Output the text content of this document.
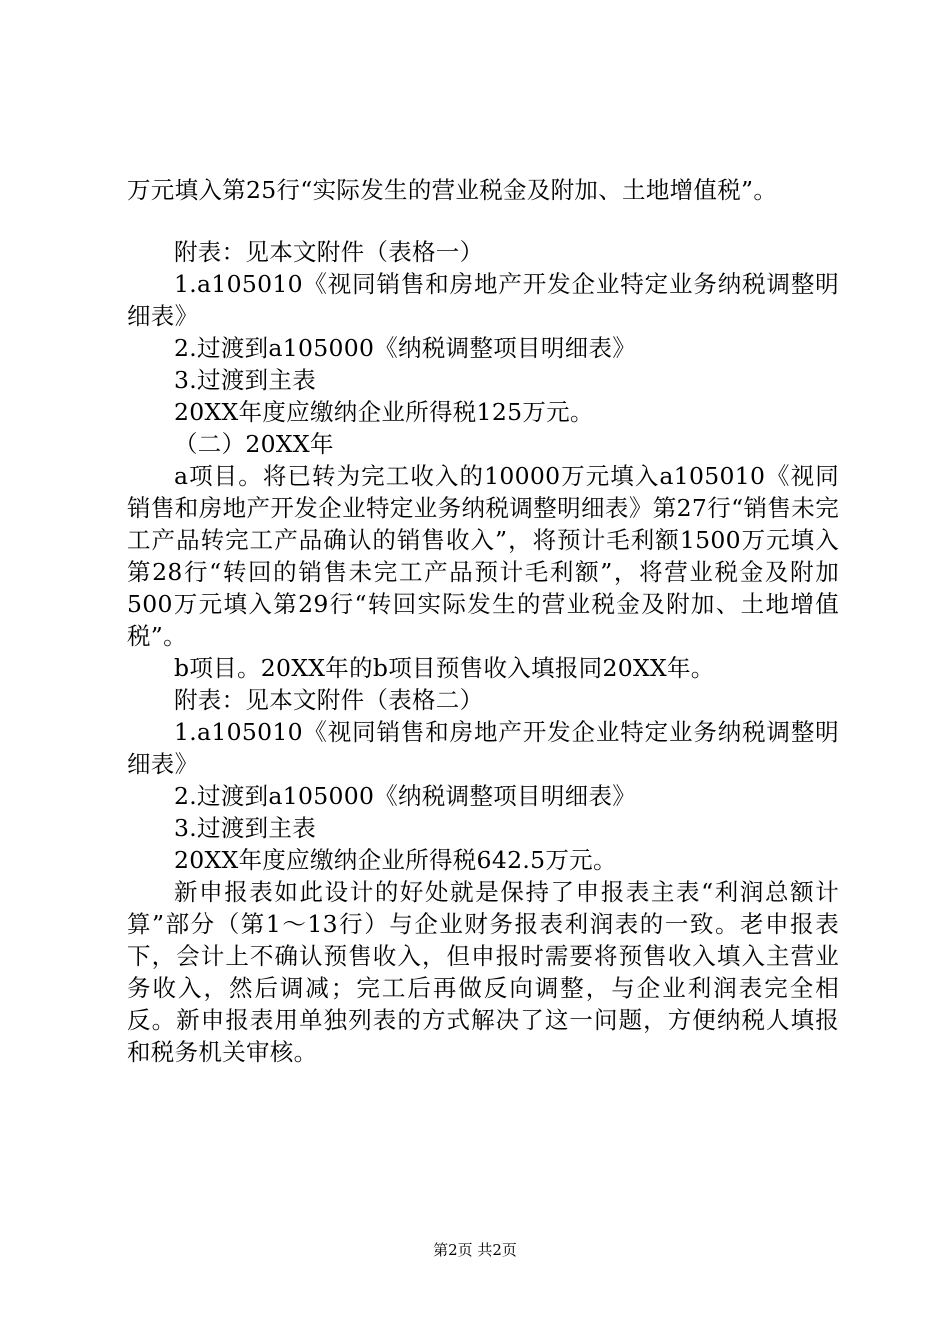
万元填入第25行“实际发生的营业税金及附加、土地增值税”。

附表：见本文附件（表格一）

1.a105010《视同销售和房地产开发企业特定业务纳税调整明细表》

2.过渡到a105000《纳税调整项目明细表》

3.过渡到主表

20XX年度应缴纳企业所得税125万元。

（二）20XX年

a项目。将已转为完工收入的10000万元填入a105010《视同销售和房地产开发企业特定业务纳税调整明细表》第27行“销售未完工产品转完工产品确认的销售收入”，将预计毛利额1500万元填入第28行“转回的销售未完工产品预计毛利额”，将营业税金及附加500万元填入第29行“转回实际发生的营业税金及附加、土地增值税”。

b项目。20XX年的b项目预售收入填报同20XX年。

附表：见本文附件（表格二）

1.a105010《视同销售和房地产开发企业特定业务纳税调整明细表》

2.过渡到a105000《纳税调整项目明细表》

3.过渡到主表

20XX年度应缴纳企业所得税642.5万元。

新申报表如此设计的好处就是保持了申报表主表“利润总额计算”部分（第1～13行）与企业财务报表利润表的一致。老申报表下，会计上不确认预售收入，但申报时需要将预售收入填入主营业务收入，然后调减；完工后再做反向调整，与企业利润表完全相反。新申报表用单独列表的方式解决了这一问题，方便纳税人填报和税务机关审核。

第2页 共2页
